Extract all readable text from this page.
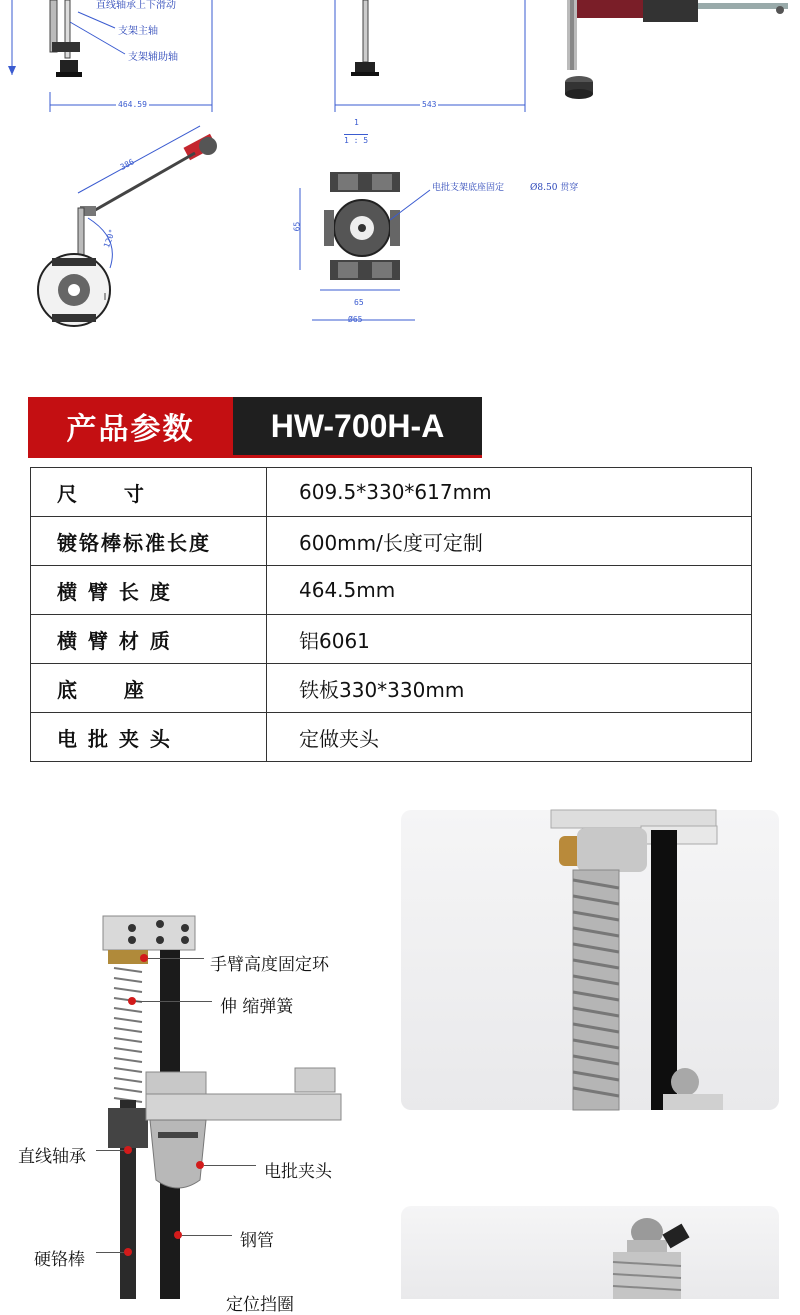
直线轴承上下滑动
支架主轴
支架辅助轴
464.59	543
386
120°
1
1 : 5
电批支架底座固定	Ø8.50 贯穿
65
65
Ø65
产品参数	HW-700H-A
尺     寸	609.5*330*617mm
镀铬棒标准长度	600mm/长度可定制
横 臂 长 度	464.5mm
横 臂 材 质	铝6061
底     座	铁板330*330mm
电 批 夹 头	定做夹头
手臂高度固定环
伸 缩弹簧
直线轴承
电批夹头
钢管
硬铬棒
定位挡圈
